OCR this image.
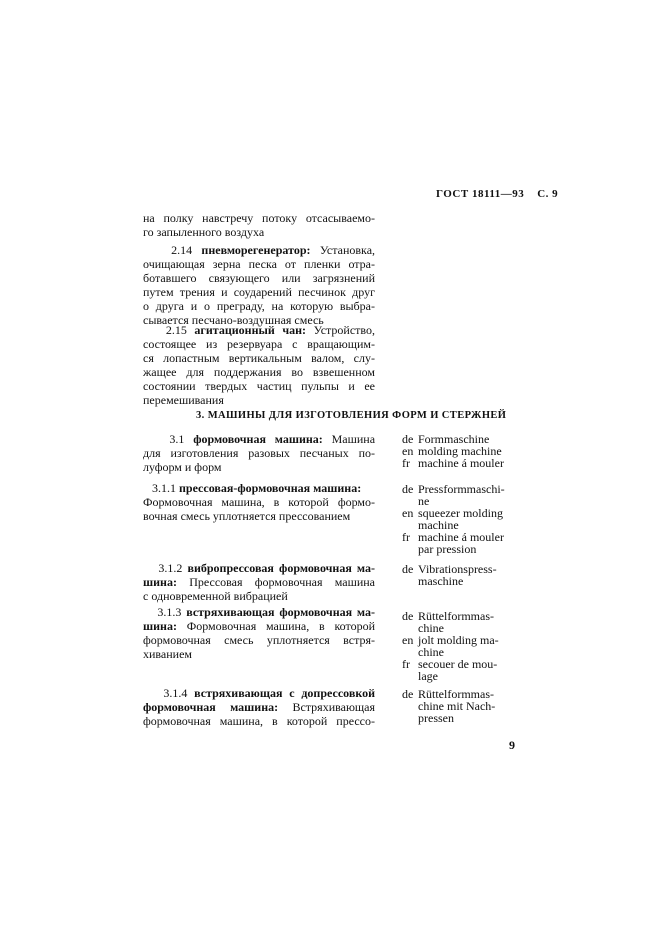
ГОСТ 18111—93 С. 9
на полку навстречу потоку отсасываемо-
го запыленного воздуха
2.14 пневморегенератор: Установка,
очищающая зерна песка от пленки отра-
ботавшего связующего или загрязнений
путем трения и соударений песчинок друг
о друга и о преграду, на которую выбра-
сывается песчано-воздушная смесь
2.15 агитационный чан: Устройство,
состоящее из резервуара с вращающим-
ся лопастным вертикальным валом, слу-
жащее для поддержания во взвешенном
состоянии твердых частиц пульпы и ее
перемешивания
3. МАШИНЫ ДЛЯ ИЗГОТОВЛЕНИЯ ФОРМ И СТЕРЖНЕЙ
3.1 формовочная машина: Машина
для изготовления разовых песчаных по-
луформ и форм
de Formmaschine
en molding machine
fr machine á mouler
3.1.1 прессовая-формовочная машина:
Формовочная машина, в которой формо-
вочная смесь уплотняется прессованием
de Pressformmaschi-
ne
en squeezer molding
machine
fr machine á mouler
par pression
3.1.2 вибропрессовая формовочная ма-
шина: Прессовая формовочная машина
с одновременной вибрацией
de Vibrationspress-
maschine
3.1.3 встряхивающая формовочная ма-
шина: Формовочная машина, в которой
формовочная смесь уплотняется встря-
хиванием
de Rüttelformmas-
chine
en jolt molding ma-
chine
fr secouer de mou-
lage
3.1.4 встряхивающая с допрессовкой
формовочная машина: Встряхивающая
формовочная машина, в которой прессо-
de Rüttelformmas-
chine mit Nach-
pressen
9
